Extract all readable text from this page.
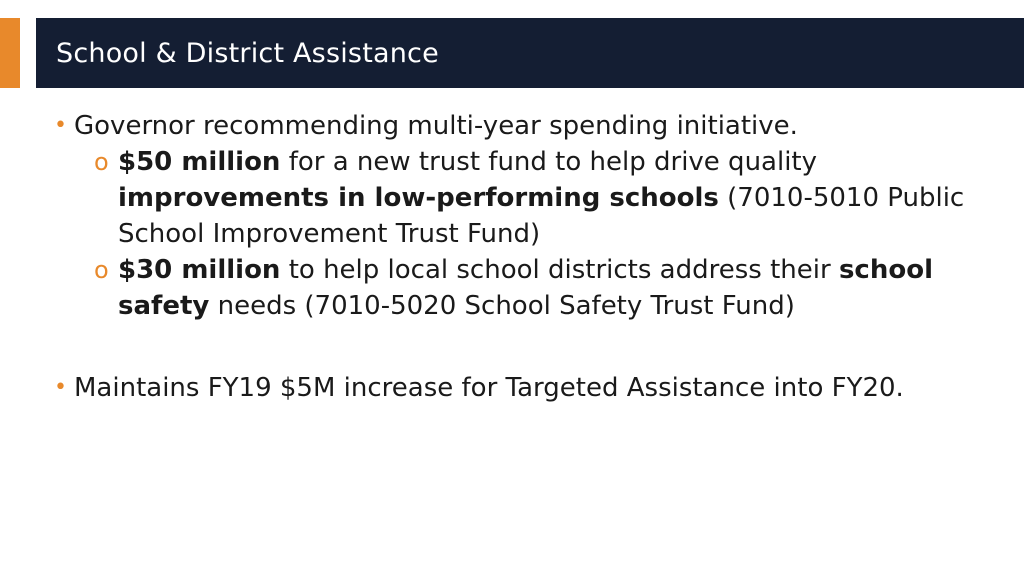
School & District Assistance
• Governor recommending multi-year spending initiative.
o $50 million for a new trust fund to help drive quality improvements in low-performing schools (7010-5010 Public School Improvement Trust Fund)
o $30 million to help local school districts address their school safety needs (7010-5020 School Safety Trust Fund)
• Maintains FY19 $5M increase for Targeted Assistance into FY20.
